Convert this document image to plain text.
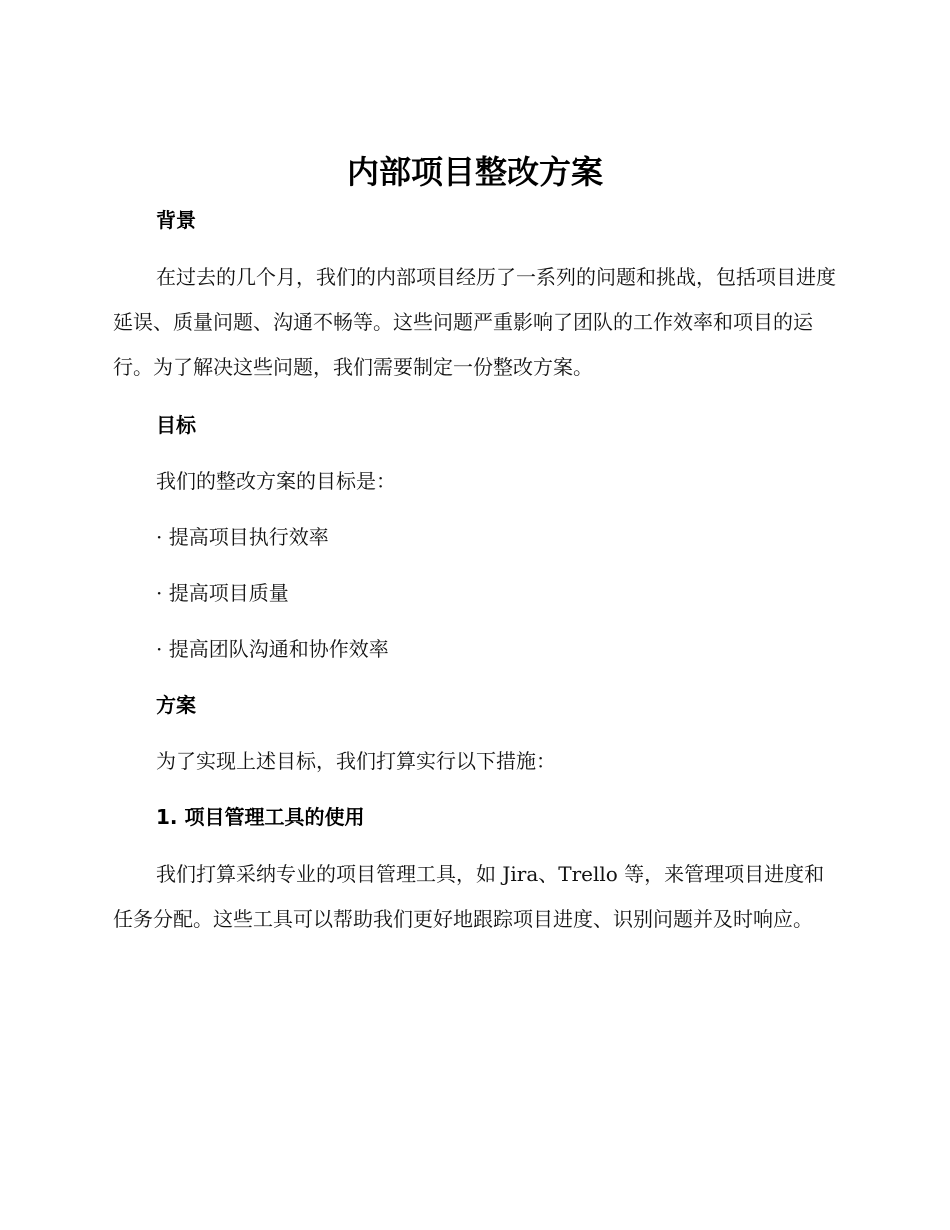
内部项目整改方案
背景

在过去的几个月，我们的内部项目经历了一系列的问题和挑战，包括项目进度延误、质量问题、沟通不畅等。这些问题严重影响了团队的工作效率和项目的运行。为了解决这些问题，我们需要制定一份整改方案。

目标
我们的整改方案的目标是：
· 提高项目执行效率
· 提高项目质量
· 提高团队沟通和协作效率
方案
为了实现上述目标，我们打算实行以下措施：
1. 项目管理工具的使用

我们打算采纳专业的项目管理工具，如 Jira、Trello 等，来管理项目进度和任务分配。这些工具可以帮助我们更好地跟踪项目进度、识别问题并及时响应。
